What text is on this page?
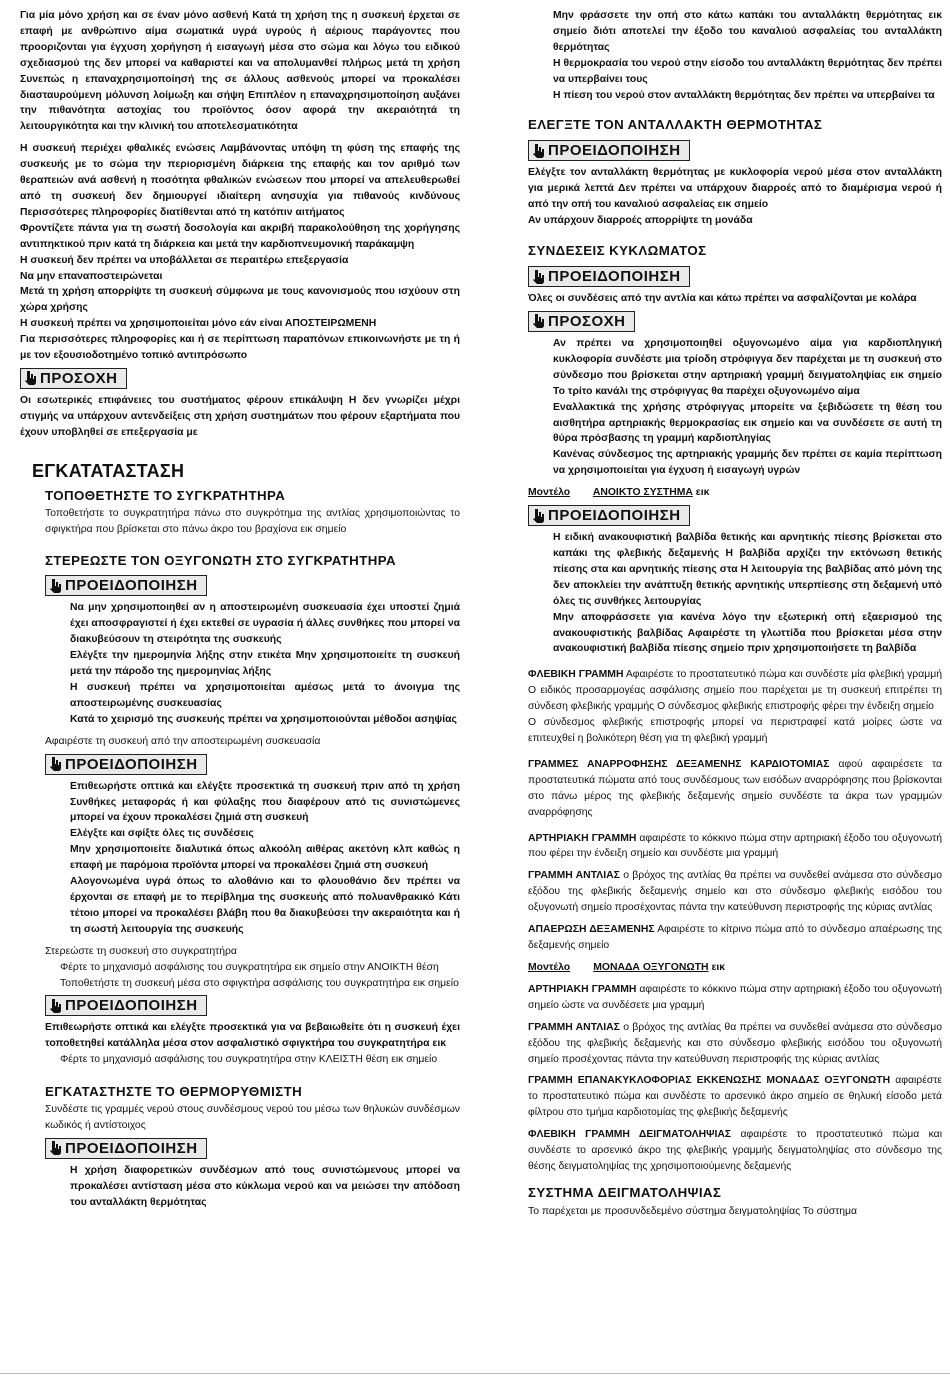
Για μία μόνο χρήση και σε έναν μόνο ασθενή Κατά τη χρήση της η συσκευή έρχεται σε επαφή με ανθρώπινο αίμα σωματικά υγρά υγρούς ή αέριους παράγοντες που προοριζονται για έγχυση χορήγηση ή εισαγωγή μέσα στο σώμα και λόγω του ειδικού σχεδιασμού της δεν μπορεί να καθαριστεί και να απολυμανθεί πλήρως μετά τη χρήση Συνεπώς η επαναχρησιμοποίησή της σε άλλους ασθενούς μπορεί να προκαλέσει διασταυρούμενη μόλυνση λοίμωξη και σήψη Επιπλέον η επαναχρησιμοποίηση αυξάνει την πιθανότητα αστοχίας του προϊόντος όσον αφορά την ακεραιότητά τη λειτουργικότητα και την κλινική του αποτελεσματικότητα

Η συσκευή περιέχει φθαλικές ενώσεις Λαμβάνοντας υπόψη τη φύση της επαφής της συσκευής με το σώμα την περιορισμένη διάρκεια της επαφής και τον αριθμό των θεραπειών ανά ασθενή η ποσότητα φθαλικών ενώσεων που μπορεί να απελευθερωθεί από τη συσκευή δεν δημιουργεί ιδιαίτερη ανησυχία για πιθανούς κινδύνους Περισσότερες πληροφορίες διατίθενται από τη κατόπιν αιτήματος

Φροντίζετε πάντα για τη σωστή δοσολογία και ακριβή παρακολούθηση της χορήγησης αντιπηκτικού πριν κατά τη διάρκεια και μετά την καρδιοπνευμονική παράκαμψη

Η συσκευή δεν πρέπει να υποβάλλεται σε περαιτέρω επεξεργασία

Να μην επαναποστειρώνεται

Μετά τη χρήση απορρίψτε τη συσκευή σύμφωνα με τους κανονισμούς που ισχύουν στη χώρα χρήσης

Η συσκευή πρέπει να χρησιμοποιείται μόνο εάν είναι ΑΠΟΣΤΕΙΡΩΜΕΝΗ

Για περισσότερες πληροφορίες και ή σε περίπτωση παραπόνων επικοινωνήστε με τη ή με τον εξουσιοδοτημένο τοπικό αντιπρόσωπο

ΠΡΟΣΟΧΗ

Οι εσωτερικές επιφάνειες του συστήματος φέρουν επικάλυψη Η δεν γνωρίζει μέχρι στιγμής να υπάρχουν αντενδείξεις στη χρήση συστημάτων που φέρουν εξαρτήματα που έχουν υποβληθεί σε επεξεργασία με

ΕΓΚΑΤΑΤΑΣΤΑΣΗ
ΤΟΠΟΘΕΤΗΣΤΕ ΤΟ ΣΥΓΚΡΑΤΗΤΗΡΑ

Τοποθετήστε το συγκρατητήρα πάνω στο συγκρότημα της αντλίας χρησιμοποιώντας το σφιγκτήρα που βρίσκεται στο πάνω άκρο του βραχίονα εικ σημείο

ΣΤΕΡΕΩΣΤΕ ΤΟΝ ΟΞΥΓΟΝΩΤΗ ΣΤΟ ΣΥΓΚΡΑΤΗΤΗΡΑ
ΠΡΟΕΙΔΟΠΟΙΗΣΗ

Να μην χρησιμοποιηθεί αν η αποστειρωμένη συσκευασία έχει υποστεί ζημιά έχει αποσφραγιστεί ή έχει εκτεθεί σε υγρασία ή άλλες συνθήκες που μπορεί να διακυβεύσουν τη στειρότητα της συσκευής

Ελέγξτε την ημερομηνία λήξης στην ετικέτα Μην χρησιμοποιείτε τη συσκευή μετά την πάροδο της ημερομηνίας λήξης

Η συσκευή πρέπει να χρησιμοποιείται αμέσως μετά το άνοιγμα της αποστειρωμένης συσκευασίας

Κατά το χειρισμό της συσκευής πρέπει να χρησιμοποιούνται μέθοδοι ασηψίας

Αφαιρέστε τη συσκευή από την αποστειρωμένη συσκευασία

ΠΡΟΕΙΔΟΠΟΙΗΣΗ

Επιθεωρήστε οπτικά και ελέγξτε προσεκτικά τη συσκευή πριν από τη χρήση Συνθήκες μεταφοράς ή και φύλαξης που διαφέρουν από τις συνιστώμενες μπορεί να έχουν προκαλέσει ζημιά στη συσκευή

Ελέγξτε και σφίξτε όλες τις συνδέσεις

Μην χρησιμοποιείτε διαλυτικά όπως αλκοόλη αιθέρας ακετόνη κλπ καθώς η επαφή με παρόμοια προϊόντα μπορεί να προκαλέσει ζημιά στη συσκευή

Αλογονωμένα υγρά όπως το αλοθάνιο και το φλουοθάνιο δεν πρέπει να έρχονται σε επαφή με το περίβλημα της συσκευής από πολυανθρακικό Κάτι τέτοιο μπορεί να προκαλέσει βλάβη που θα διακυβεύσει την ακεραιότητα και ή τη σωστή λειτουργία της συσκευής

Στερεώστε τη συσκευή στο συγκρατητήρα

Φέρτε το μηχανισμό ασφάλισης του συγκρατητήρα εικ σημείο στην ΑΝΟΙΚΤΗ θέση

Τοποθετήστε τη συσκευή μέσα στο σφιγκτήρα ασφάλισης του συγκρατητήρα εικ σημείο

ΠΡΟΕΙΔΟΠΟΙΗΣΗ

Επιθεωρήστε οπτικά και ελέγξτε προσεκτικά για να βεβαιωθείτε ότι η συσκευή έχει τοποθετηθεί κατάλληλα μέσα στον ασφαλιστικό σφιγκτήρα του συγκρατητήρα εικ

Φέρτε το μηχανισμό ασφάλισης του συγκρατητήρα στην ΚΛΕΙΣΤΗ θέση εικ σημείο

ΕΓΚΑΤΑΣΤΗΣΤΕ ΤΟ ΘΕΡΜΟΡΥΘΜΙΣΤΗ

Συνδέστε τις γραμμές νερού στους συνδέσμους νερού του μέσω των θηλυκών συνδέσμων κωδικός ή αντίστοιχος

ΠΡΟΕΙΔΟΠΟΙΗΣΗ

Η χρήση διαφορετικών συνδέσμων από τους συνιστώμενους μπορεί να προκαλέσει αντίσταση μέσα στο κύκλωμα νερού και να μειώσει την απόδοση του ανταλλάκτη θερμότητας

Μην φράσσετε την οπή στο κάτω καπάκι του ανταλλάκτη θερμότητας εικ σημείο διότι αποτελεί την έξοδο του καναλιού ασφαλείας του ανταλλάκτη θερμότητας

Η θερμοκρασία του νερού στην είσοδο του ανταλλάκτη θερμότητας δεν πρέπει να υπερβαίνει τους

Η πίεση του νερού στον ανταλλάκτη θερμότητας δεν πρέπει να υπερβαίνει τα

ΕΛΕΓΞΤΕ ΤΟΝ ΑΝΤΑΛΛΑΚΤΗ ΘΕΡΜΟΤΗΤΑΣ
ΠΡΟΕΙΔΟΠΟΙΗΣΗ

Ελέγξτε τον ανταλλάκτη θερμότητας με κυκλοφορία νερού μέσα στον ανταλλάκτη για μερικά λεπτά Δεν πρέπει να υπάρχουν διαρροές από το διαμέρισμα νερού ή από την οπή του καναλιού ασφαλείας εικ σημείο

Αν υπάρχουν διαρροές απορρίψτε τη μονάδα

ΣΥΝΔΕΣΕΙΣ ΚΥΚΛΩΜΑΤΟΣ
ΠΡΟΕΙΔΟΠΟΙΗΣΗ

Όλες οι συνδέσεις από την αντλία και κάτω πρέπει να ασφαλίζονται με κολάρα

ΠΡΟΣΟΧΗ

Αν πρέπει να χρησιμοποιηθεί οξυγονωμένο αίμα για καρδιοπληγική κυκλοφορία συνδέστε μια τρίοδη στρόφιγγα δεν παρέχεται με τη συσκευή στο σύνδεσμο που βρίσκεται στην αρτηριακή γραμμή δειγματοληψίας εικ σημείο Το τρίτο κανάλι της στρόφιγγας θα παρέχει οξυγονωμένο αίμα

Εναλλακτικά της χρήσης στρόφιγγας μπορείτε να ξεβιδώσετε τη θέση του αισθητήρα αρτηριακής θερμοκρασίας εικ σημείο και να συνδέσετε σε αυτή τη θύρα πρόσβασης τη γραμμή καρδιοπληγίας

Κανένας σύνδεσμος της αρτηριακής γραμμής δεν πρέπει σε καμία περίπτωση να χρησιμοποιείται για έγχυση ή εισαγωγή υγρών

Μοντέλο ΑΝΟΙΚΤΟ ΣΥΣΤΗΜΑ εικ
ΠΡΟΕΙΔΟΠΟΙΗΣΗ

Η ειδική ανακουφιστική βαλβίδα θετικής και αρνητικής πίεσης βρίσκεται στο καπάκι της φλεβικής δεξαμενής Η βαλβίδα αρχίζει την εκτόνωση θετικής πίεσης στα και αρνητικής πίεσης στα Η λειτουργία της βαλβίδας από μόνη της δεν αποκλείει την ανάπτυξη θετικής αρνητικής υπερπίεσης στη δεξαμενή υπό όλες τις συνθήκες λειτουργίας

Μην αποφράσσετε για κανένα λόγο την εξωτερική οπή εξαερισμού της ανακουφιστικής βαλβίδας Αφαιρέστε τη γλωττίδα που βρίσκεται μέσα στην ανακουφιστική βαλβίδα πίεσης σημείο πριν χρησιμοποιήσετε τη βαλβίδα

ΦΛΕΒΙΚΗ ΓΡΑΜΜΗ Αφαιρέστε το προστατευτικό πώμα και συνδέστε μία φλεβική γραμμή Ο ειδικός προσαρμογέας ασφάλισης σημείο που παρέχεται με τη συσκευή επιτρέπει τη σύνδεση φλεβικής γραμμής Ο σύνδεσμος φλεβικής επιστροφής φέρει την ένδειξη σημείο

Ο σύνδεσμος φλεβικής επιστροφής μπορεί να περιστραφεί κατά μοίρες ώστε να επιτευχθεί η βολικότερη θέση για τη φλεβική γραμμή

ΓΡΑΜΜΕΣ ΑΝΑΡΡΟΦΗΣΗΣ ΔΕΞΑΜΕΝΗΣ ΚΑΡΔΙΟΤΟΜΙΑΣ αφού αφαιρέσετε τα προστατευτικά πώματα από τους συνδέσμους των εισόδων αναρρόφησης που βρίσκονται στο πάνω μέρος της φλεβικής δεξαμενής σημείο συνδέστε τα άκρα των γραμμών αναρρόφησης

ΑΡΤΗΡΙΑΚΗ ΓΡΑΜΜΗ αφαιρέστε το κόκκινο πώμα στην αρτηριακή έξοδο του οξυγονωτή που φέρει την ένδειξη σημείο και συνδέστε μια γραμμή

ΓΡΑΜΜΗ ΑΝΤΛΙΑΣ ο βρόχος της αντλίας θα πρέπει να συνδεθεί ανάμεσα στο σύνδεσμο εξόδου της φλεβικής δεξαμενής σημείο και στο σύνδεσμο φλεβικής εισόδου του οξυγονωτή σημείο προσέχοντας πάντα την κατεύθυνση περιστροφής της κύριας αντλίας

ΑΠΑΕΡΩΣΗ ΔΕΞΑΜΕΝΗΣ Αφαιρέστε το κίτρινο πώμα από το σύνδεσμο απαέρωσης της δεξαμενής σημείο

Μοντέλο ΜΟΝΑΔΑ ΟΞΥΓΟΝΩΤΗ εικ

ΑΡΤΗΡΙΑΚΗ ΓΡΑΜΜΗ αφαιρέστε το κόκκινο πώμα στην αρτηριακή έξοδο του οξυγονωτή σημείο ώστε να συνδέσετε μια γραμμή

ΓΡΑΜΜΗ ΑΝΤΛΙΑΣ ο βρόχος της αντλίας θα πρέπει να συνδεθεί ανάμεσα στο σύνδεσμο εξόδου της φλεβικής δεξαμενής και στο σύνδεσμο φλεβικής εισόδου του οξυγονωτή σημείο προσέχοντας πάντα την κατεύθυνση περιστροφής της κύριας αντλίας

ΓΡΑΜΜΗ ΕΠΑΝΑΚΥΚΛΟΦΟΡΙΑΣ ΕΚΚΕΝΩΣΗΣ ΜΟΝΑΔΑΣ ΟΞΥΓΟΝΩΤΗ αφαιρέστε το προστατευτικό πώμα και συνδέστε το αρσενικό άκρο σημείο σε θηλυκή είσοδο μετά φίλτρου στο τμήμα καρδιοτομίας της φλεβικής δεξαμενής

ΦΛΕΒΙΚΗ ΓΡΑΜΜΗ ΔΕΙΓΜΑΤΟΛΗΨΙΑΣ αφαιρέστε το προστατευτικό πώμα και συνδέστε το αρσενικό άκρο της φλεβικής γραμμής δειγματοληψίας στο σύνδεσμο της θέσης δειγματοληψίας της χρησιμοποιούμενης δεξαμενής

ΣΥΣΤΗΜΑ ΔΕΙΓΜΑΤΟΛΗΨΙΑΣ

Το παρέχεται με προσυνδεδεμένο σύστημα δειγματοληψίας Το σύστημα
